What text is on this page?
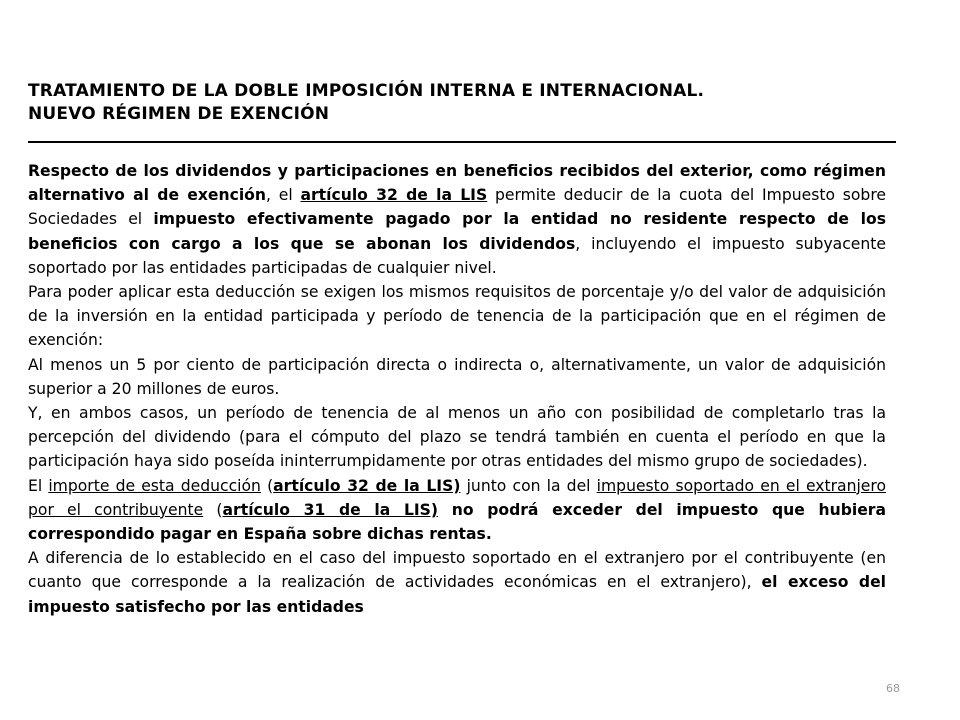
TRATAMIENTO DE LA DOBLE IMPOSICIÓN INTERNA E INTERNACIONAL.
NUEVO RÉGIMEN DE EXENCIÓN

Respecto de los dividendos y participaciones en beneficios recibidos del exterior, como régimen alternativo al de exención, el artículo 32 de la LIS permite deducir de la cuota del Impuesto sobre Sociedades el impuesto efectivamente pagado por la entidad no residente respecto de los beneficios con cargo a los que se abonan los dividendos, incluyendo el impuesto subyacente soportado por las entidades participadas de cualquier nivel.

Para poder aplicar esta deducción se exigen los mismos requisitos de porcentaje y/o del valor de adquisición de la inversión en la entidad participada y período de tenencia de la participación que en el régimen de exención:

Al menos un 5 por ciento de participación directa o indirecta o, alternativamente, un valor de adquisición superior a 20 millones de euros.

Y, en ambos casos, un período de tenencia de al menos un año con posibilidad de completarlo tras la percepción del dividendo (para el cómputo del plazo se tendrá también en cuenta el período en que la participación haya sido poseída ininterrumpidamente por otras entidades del mismo grupo de sociedades).

El importe de esta deducción (artículo 32 de la LIS) junto con la del impuesto soportado en el extranjero por el contribuyente (artículo 31 de la LIS) no podrá exceder del impuesto que hubiera correspondido pagar en España sobre dichas rentas.

A diferencia de lo establecido en el caso del impuesto soportado en el extranjero por el contribuyente (en cuanto que corresponde a la realización de actividades económicas en el extranjero), el exceso del impuesto satisfecho por las entidades

68
